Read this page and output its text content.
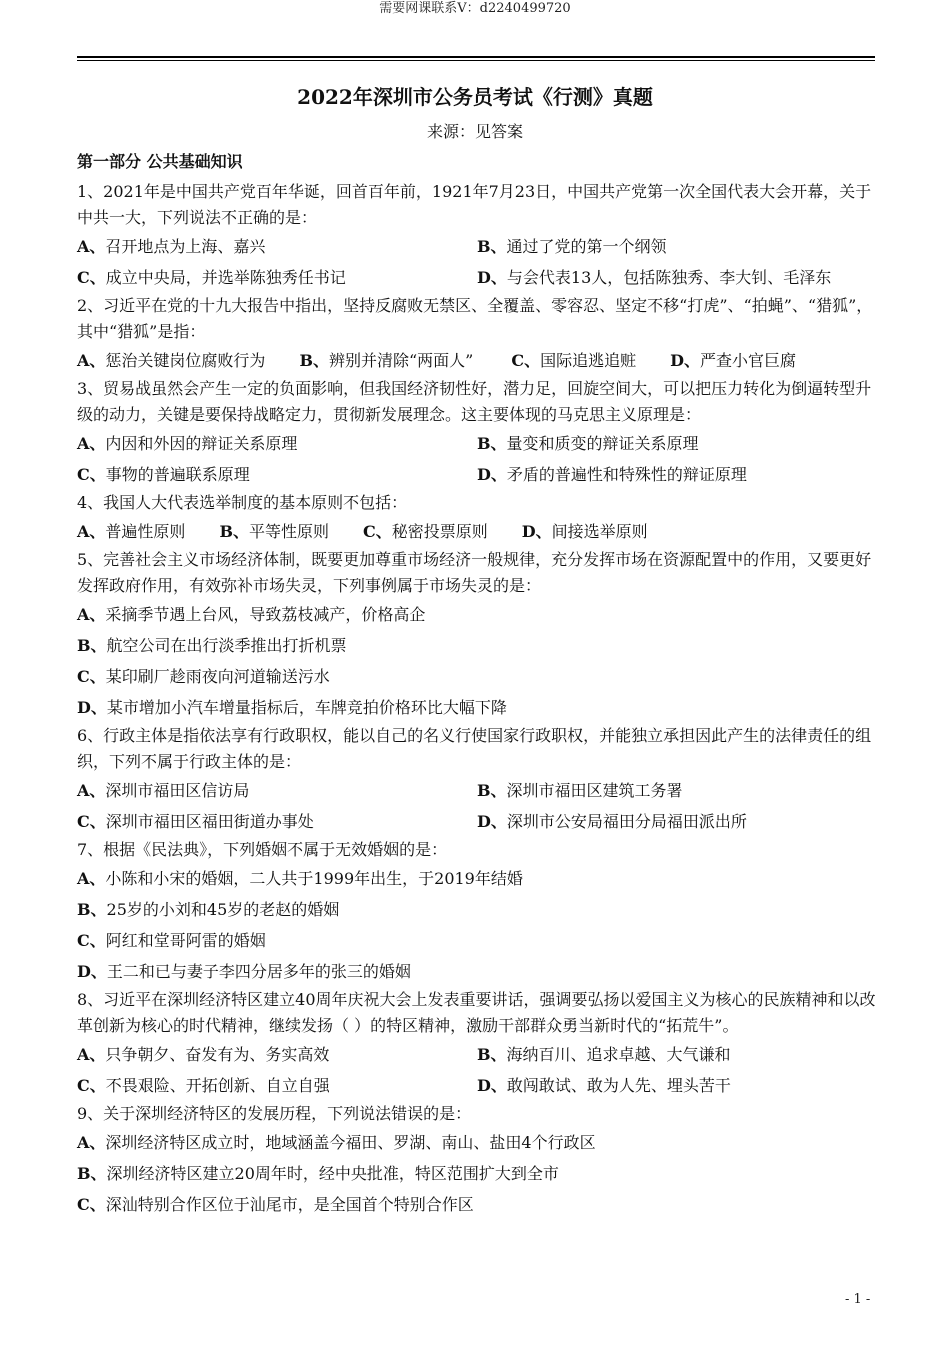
需要网课联系V：d2240499720
2022年深圳市公务员考试《行测》真题
来源：见答案
第一部分 公共基础知识

1、2021年是中国共产党百年华诞，回首百年前，1921年7月23日，中国共产党第一次全国代表大会开幕，关于中共一大，下列说法不正确的是：

A、召开地点为上海、嘉兴	B、通过了党的第一个纲领
C、成立中央局，并选举陈独秀任书记	D、与会代表13人，包括陈独秀、李大钊、毛泽东

2、习近平在党的十九大报告中指出，坚持反腐败无禁区、全覆盖、零容忍、坚定不移“打虎”、“拍蝇”、“猎狐”，其中“猎狐”是指：

A、惩治关键岗位腐败行为 B、辨别并清除“两面人” C、国际追逃追赃 D、严查小官巨腐

3、贸易战虽然会产生一定的负面影响，但我国经济韧性好，潜力足，回旋空间大，可以把压力转化为倒逼转型升级的动力，关键是要保持战略定力，贯彻新发展理念。这主要体现的马克思主义原理是：

A、内因和外因的辩证关系原理	B、量变和质变的辩证关系原理
C、事物的普遍联系原理	D、矛盾的普遍性和特殊性的辩证原理

4、我国人大代表选举制度的基本原则不包括：

A、普遍性原则 B、平等性原则 C、秘密投票原则 D、间接选举原则

5、完善社会主义市场经济体制，既要更加尊重市场经济一般规律，充分发挥市场在资源配置中的作用，又要更好发挥政府作用，有效弥补市场失灵，下列事例属于市场失灵的是：

A、采摘季节遇上台风，导致荔枝减产，价格高企
B、航空公司在出行淡季推出打折机票
C、某印刷厂趁雨夜向河道输送污水
D、某市增加小汽车增量指标后，车牌竞拍价格环比大幅下降

6、行政主体是指依法享有行政职权，能以自己的名义行使国家行政职权，并能独立承担因此产生的法律责任的组织，下列不属于行政主体的是：

A、深圳市福田区信访局	B、深圳市福田区建筑工务署
C、深圳市福田区福田街道办事处	D、深圳市公安局福田分局福田派出所

7、根据《民法典》，下列婚姻不属于无效婚姻的是：

A、小陈和小宋的婚姻，二人共于1999年出生，于2019年结婚
B、25岁的小刘和45岁的老赵的婚姻
C、阿红和堂哥阿雷的婚姻
D、王二和已与妻子李四分居多年的张三的婚姻

8、习近平在深圳经济特区建立40周年庆祝大会上发表重要讲话，强调要弘扬以爱国主义为核心的民族精神和以改革创新为核心的时代精神，继续发扬（ ）的特区精神，激励干部群众勇当新时代的“拓荒牛”。

A、只争朝夕、奋发有为、务实高效	B、海纳百川、追求卓越、大气谦和
C、不畏艰险、开拓创新、自立自强	D、敢闯敢试、敢为人先、埋头苦干

9、关于深圳经济特区的发展历程，下列说法错误的是：

A、深圳经济特区成立时，地域涵盖今福田、罗湖、南山、盐田4个行政区
B、深圳经济特区建立20周年时，经中央批准，特区范围扩大到全市
C、深汕特别合作区位于汕尾市，是全国首个特别合作区
- 1 -
